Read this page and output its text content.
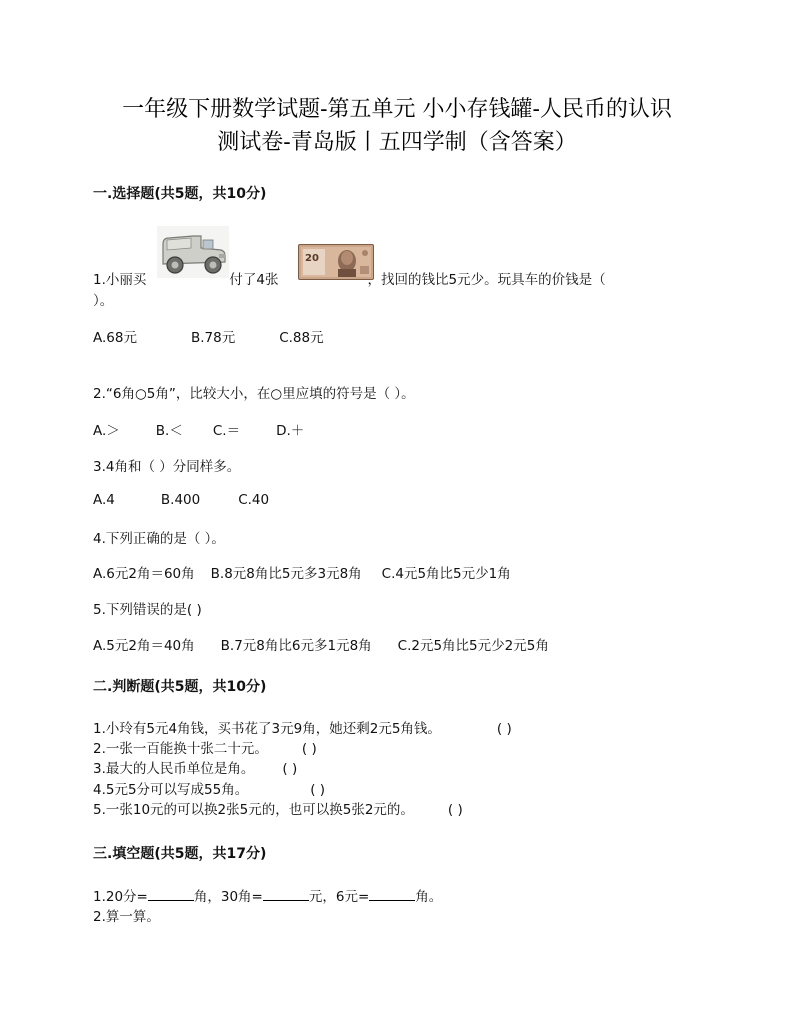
一年级下册数学试题-第五单元 小小存钱罐-人民币的认识
测试卷-青岛版丨五四学制（含答案）
一.选择题(共5题，共10分)
20
1.小丽买	付了4张	，找回的钱比5元少。玩具车的价钱是（
）。
A.68元	B.78元	C.88元
2.“6角○5角”，比较大小，在○里应填的符号是（ ）。
A.＞	B.＜ C.＝	D.＋
3.4角和（ ）分同样多。
A.4	B.400	C.40
4.下列正确的是（ ）。
A.6元2角＝60角 B.8元8角比5元多3元8角 C.4元5角比5元少1角
5.下列错误的是( )
A.5元2角＝40角 B.7元8角比6元多1元8角 C.2元5角比5元少2元5角
二.判断题(共5题，共10分)
1.小玲有5元4角钱，买书花了3元9角，她还剩2元5角钱。	( )
2.一张一百能换十张二十元。	( )
3.最大的人民币单位是角。 ( )
4.5元5分可以写成55角。	( )
5.一张10元的可以换2张5元的，也可以换5张2元的。	( )
三.填空题(共5题，共17分)
1.20分=	角，30角=	元，6元=	角。
2.算一算。
